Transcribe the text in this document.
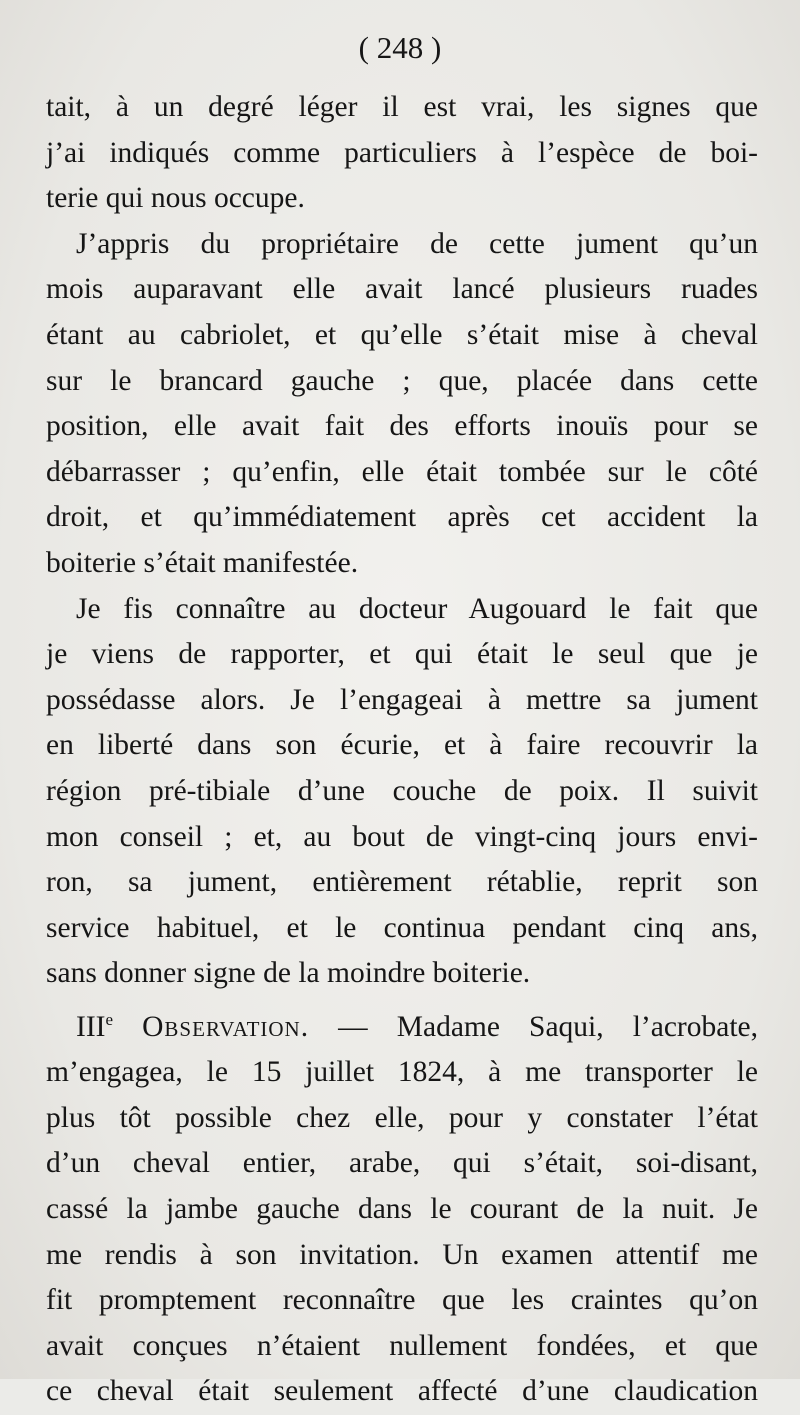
( 248 )
tait, à un degré léger il est vrai, les signes que
j’ai indiqués comme particuliers à l’espèce de boi-
terie qui nous occupe.
J’appris du propriétaire de cette jument qu’un
mois auparavant elle avait lancé plusieurs ruades
étant au cabriolet, et qu’elle s’était mise à cheval
sur le brancard gauche ; que, placée dans cette
position, elle avait fait des efforts inouïs pour se
débarrasser ; qu’enfin, elle était tombée sur le côté
droit, et qu’immédiatement après cet accident la
boiterie s’était manifestée.
Je fis connaître au docteur Augouard le fait que
je viens de rapporter, et qui était le seul que je
possédasse alors. Je l’engageai à mettre sa jument
en liberté dans son écurie, et à faire recouvrir la
région pré-tibiale d’une couche de poix. Il suivit
mon conseil ; et, au bout de vingt-cinq jours envi-
ron, sa jument, entièrement rétablie, reprit son
service habituel, et le continua pendant cinq ans,
sans donner signe de la moindre boiterie.
IIIe Observation. — Madame Saqui, l’acrobate,
m’engagea, le 15 juillet 1824, à me transporter le
plus tôt possible chez elle, pour y constater l’état
d’un cheval entier, arabe, qui s’était, soi-disant,
cassé la jambe gauche dans le courant de la nuit. Je
me rendis à son invitation. Un examen attentif me
fit promptement reconnaître que les craintes qu’on
avait conçues n’étaient nullement fondées, et que
ce cheval était seulement affecté d’une claudication
